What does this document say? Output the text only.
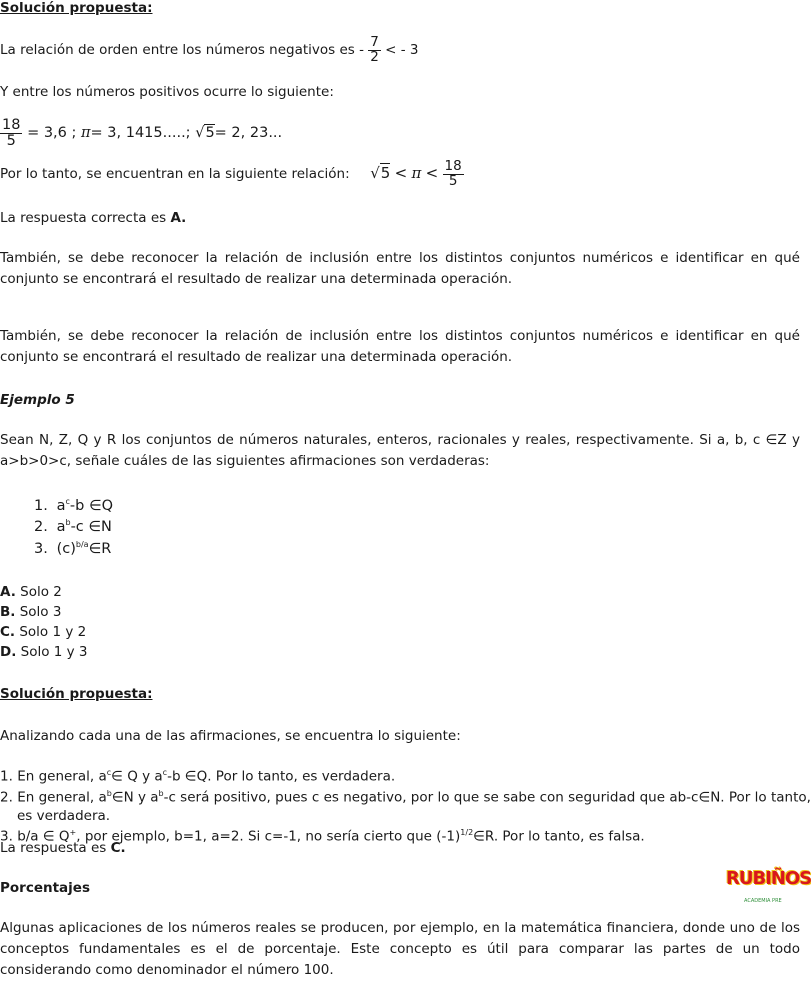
Solución propuesta:
La relación de orden entre los números negativos es - $\frac{7}{2}$ < - 3
Y entre los números positivos ocurre lo siguiente:
$\frac{18}{5} = 3,6$ ; π= 3, 1415.....; √5= 2, 23...
Por lo tanto, se encuentran en la siguiente relación: $√5 < \pi < \frac{18}{5}$
La respuesta correcta es A.
También, se debe reconocer la relación de inclusión entre los distintos conjuntos numéricos e identificar en qué conjunto se encontrará el resultado de realizar una determinada operación.
También, se debe reconocer la relación de inclusión entre los distintos conjuntos numéricos e identificar en qué conjunto se encontrará el resultado de realizar una determinada operación.
Ejemplo 5
Sean N, Z, Q y R los conjuntos de números naturales, enteros, racionales y reales, respectivamente. Si a, b, c ∈Z y a>b>0>c, señale cuáles de las siguientes afirmaciones son verdaderas:
1. $a^c-b$ ∈Q
2. $a^b-c$ ∈N
3. $(c)^{b/a}\in R$
A. Solo 2
B. Solo 3
C. Solo 1 y 2
D. Solo 1 y 3
Solución propuesta:
Analizando cada una de las afirmaciones, se encuentra lo siguiente:
1. En general, $a^c\in$ Q y $a^c-b$ ∈Q. Por lo tanto, es verdadera.
2. En general, $a^b\in N$ y $a^b-c$ será positivo, pues c es negativo, por lo que se sabe con seguridad que ab-c∈N. Por lo tanto,
es verdadera.
3. b/a ∈ Q+, por ejemplo, b=1, a=2. Si c=-1, no sería cierto que $(-1)^{1/2}\in R$. Por lo tanto, es falsa.
La respuesta es C.
Porcentajes
Algunas aplicaciones de los números reales se producen, por ejemplo, en la matemática financiera, donde uno de los conceptos fundamentales es el de porcentaje. Este concepto es útil para comparar las partes de un todo considerando como denominador el número 100.
RUBIÑOS
ACADEMIA PRE
